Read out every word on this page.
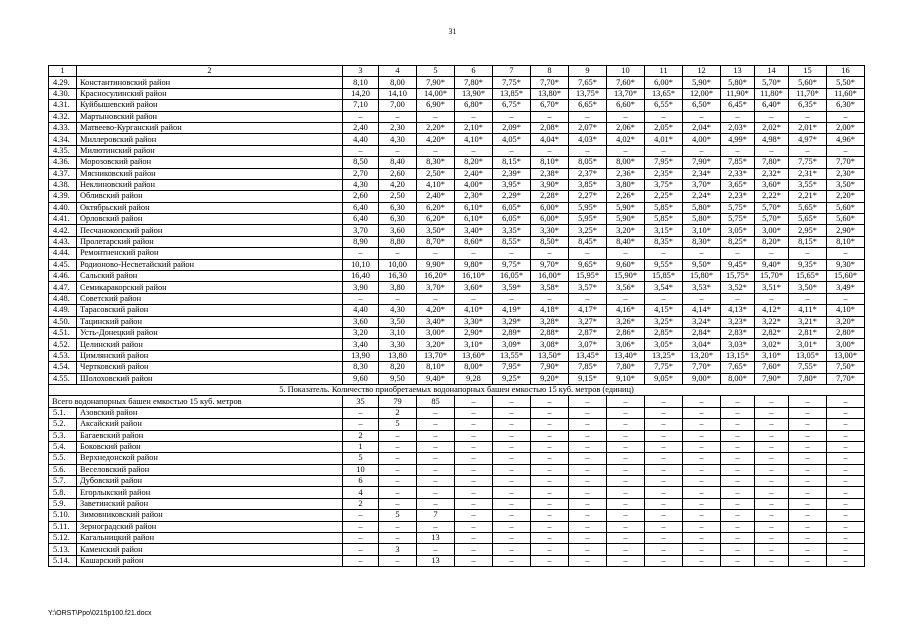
31
1	2	3	4	5	6	7	8	9	10	11	12	13	14	15	16
4.29.	Константиновский район	8,10	8,00	7,90*	7,80*	7,75*	7,70*	7,65*	7,60*	6,00*	5,90*	5,80*	5,70*	5,60*	5,50*
4.30.	Красносулинский район	14,20	14,10	14,00*	13,90*	13,85*	13,80*	13,75*	13,70*	13,65*	12,00*	11,90*	11,80*	11,70*	11,60*
4.31.	Куйбышевский район	7,10	7,00	6,90*	6,80*	6,75*	6,70*	6,65*	6,60*	6,55*	6,50*	6,45*	6,40*	6,35*	6,30*
4.32.	Мартыновский район	–	–	–	–	–	–	–	–	–	–	–	–	–	–
4.33.	Матвеево-Курганский район	2,40	2,30	2,20*	2,10*	2,09*	2,08*	2,07*	2,06*	2,05*	2,04*	2,03*	2,02*	2,01*	2,00*
4.34.	Миллеровский район	4,40	4,30	4,20*	4,10*	4,05*	4,04*	4,03*	4,02*	4,01*	4,00*	4,99*	4,98*	4,97*	4,96*
4.35.	Милютинский район	–	–	–	–	–	–	–	–	–	–	–	–	–	–
4.36.	Морозовский район	8,50	8,40	8,30*	8,20*	8,15*	8,10*	8,05*	8,00*	7,95*	7,90*	7,85*	7,80*	7,75*	7,70*
4.37.	Мясниковский район	2,70	2,60	2,50*	2,40*	2,39*	2,38*	2,37*	2,36*	2,35*	2,34*	2,33*	2,32*	2,31*	2,30*
4.38.	Неклиновский район	4,30	4,20	4,10*	4,00*	3,95*	3,90*	3,85*	3,80*	3,75*	3,70*	3,65*	3,60*	3,55*	3,50*
4.39.	Обливский район	2,60	2,50	2,40*	2,30*	2,29*	2,28*	2,27*	2,26*	2,25*	2,24*	2,23*	2,22*	2,21*	2,20*
4.40.	Октябрьский район	6,40	6,30	6,20*	6,10*	6,05*	6,00*	5,95*	5,90*	5,85*	5,80*	5,75*	5,70*	5,65*	5,60*
4.41.	Орловский район	6,40	6,30	6,20*	6,10*	6,05*	6,00*	5,95*	5,90*	5,85*	5,80*	5,75*	5,70*	5,65*	5,60*
4.42.	Песчанокопский район	3,70	3,60	3,50*	3,40*	3,35*	3,30*	3,25*	3,20*	3,15*	3,10*	3,05*	3,00*	2,95*	2,90*
4.43.	Пролетарский район	8,90	8,80	8,70*	8,60*	8,55*	8,50*	8,45*	8,40*	8,35*	8,30*	8,25*	8,20*	8,15*	8,10*
4.44.	Ремонтненский район	–	–	–	–	–	–	–	–	–	–	–	–	–	–
4.45.	Родионово-Несветайский район	10,10	10,00	9,90*	9,80*	9,75*	9,70*	9,65*	9,60*	9,55*	9,50*	9,45*	9,40*	9,35*	9,30*
4.46.	Сальский район	16,40	16,30	16,20*	16,10*	16,05*	16,00*	15,95*	15,90*	15,85*	15,80*	15,75*	15,70*	15,65*	15,60*
4.47.	Семикаракорский район	3,90	3,80	3,70*	3,60*	3,59*	3,58*	3,57*	3,56*	3,54*	3,53*	3,52*	3,51*	3,50*	3,49*
4.48.	Советский район	–	–	–	–	–	–	–	–	–	–	–	–	–	–
4.49.	Тарасовский район	4,40	4,30	4,20*	4,10*	4,19*	4,18*	4,17*	4,16*	4,15*	4,14*	4,13*	4,12*	4,11*	4,10*
4.50.	Тацинский район	3,60	3,50	3,40*	3,30*	3,29*	3,28*	3,27*	3,26*	3,25*	3,24*	3,23*	3,22*	3,21*	3,20*
4.51.	Усть-Донецкий район	3,20	3,10	3,00*	2,90*	2,89*	2,88*	2,87*	2,86*	2,85*	2,84*	2,83*	2,82*	2,81*	2,80*
4.52.	Целинский район	3,40	3,30	3,20*	3,10*	3,09*	3,08*	3,07*	3,06*	3,05*	3,04*	3,03*	3,02*	3,01*	3,00*
4.53.	Цимлянский район	13,90	13,80	13,70*	13,60*	13,55*	13,50*	13,45*	13,40*	13,25*	13,20*	13,15*	3,10*	13,05*	13,00*
4.54.	Чертковский район	8,30	8,20	8,10*	8,00*	7,95*	7,90*	7,85*	7,80*	7,75*	7,70*	7,65*	7,60*	7,55*	7,50*
4.55.	Шолоховский район	9,60	9,50	9,40*	9,28	9,25*	9,20*	9,15*	9,10*	9,05*	9,00*	8,00*	7,90*	7,80*	7,70*
5. Показатель. Количество приобретаемых водонапорных башен емкостью 15 куб. метров (единиц)															
Всего водонапорных башен емкостью 15 куб. метров		35	79	85	–	–	–	–	–	–	–	–	–	–	–
5.1.	Азовский район	–	2	–	–	–	–	–	–	–	–	–	–	–	–
5.2.	Аксайский район	–	5	–	–	–	–	–	–	–	–	–	–	–	–
5.3.	Багаевский район	2	–	–	–	–	–	–	–	–	–	–	–	–	–
5.4.	Боковский район	1	–	–	–	–	–	–	–	–	–	–	–	–	–
5.5.	Верхнедонской район	5	–	–	–	–	–	–	–	–	–	–	–	–	–
5.6.	Веселовский район	10	–	–	–	–	–	–	–	–	–	–	–	–	–
5.7.	Дубовский район	6	–	–	–	–	–	–	–	–	–	–	–	–	–
5.8.	Егорлыкский район	4	–	–	–	–	–	–	–	–	–	–	–	–	–
5.9.	Заветинский район	2	–	–	–	–	–	–	–	–	–	–	–	–	–
5.10.	Зимовниковский район	–	5	7	–	–	–	–	–	–	–	–	–	–	–
5.11.	Зерноградский район	–	–	–	–	–	–	–	–	–	–	–	–	–	–
5.12.	Кагальницкий район	–	–	13	–	–	–	–	–	–	–	–	–	–	–
5.13.	Каменский район	–	3	–	–	–	–	–	–	–	–	–	–	–	–
5.14.	Кашарский район	–	–	13	–	–	–	–	–	–	–	–	–	–	–
Y:\ORST\Ppo\0215p100.f21.docx
